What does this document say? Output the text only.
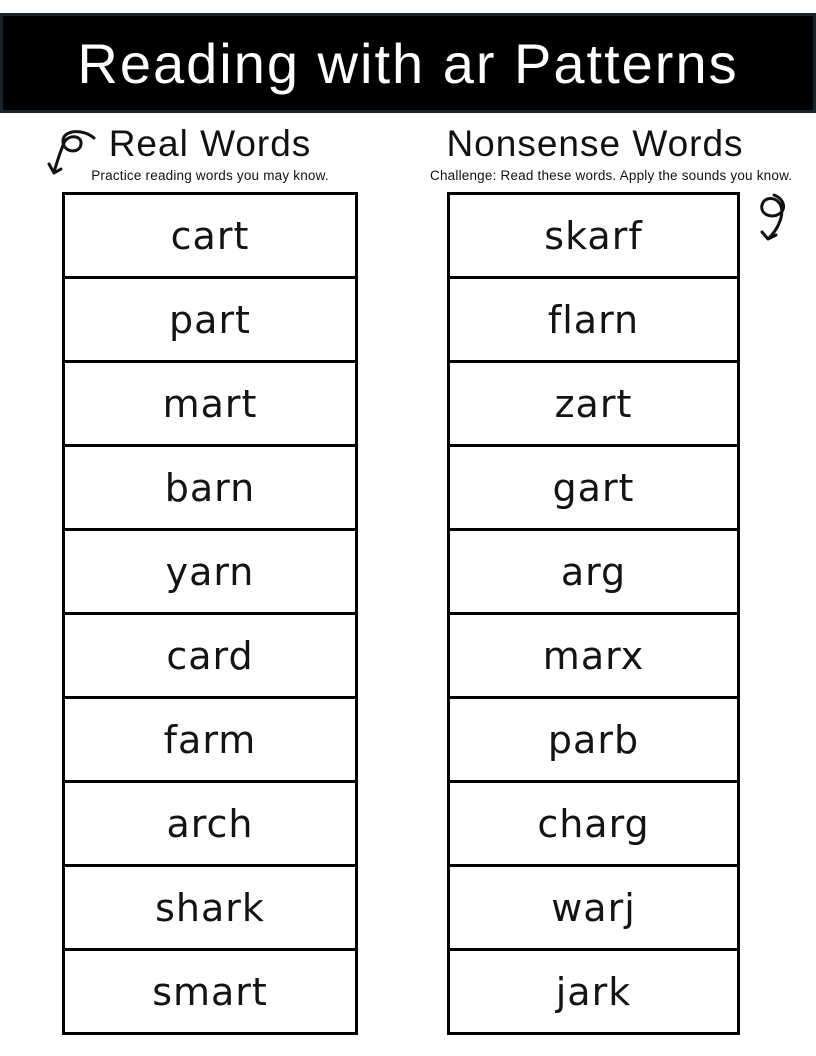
Reading with ar Patterns
Real Words
Practice reading words you may know.
Nonsense Words
Challenge: Read these words. Apply the sounds you know.
cart
part
mart
barn
yarn
card
farm
arch
shark
smart
skarf
flarn
zart
gart
arg
marx
parb
charg
warj
jark
